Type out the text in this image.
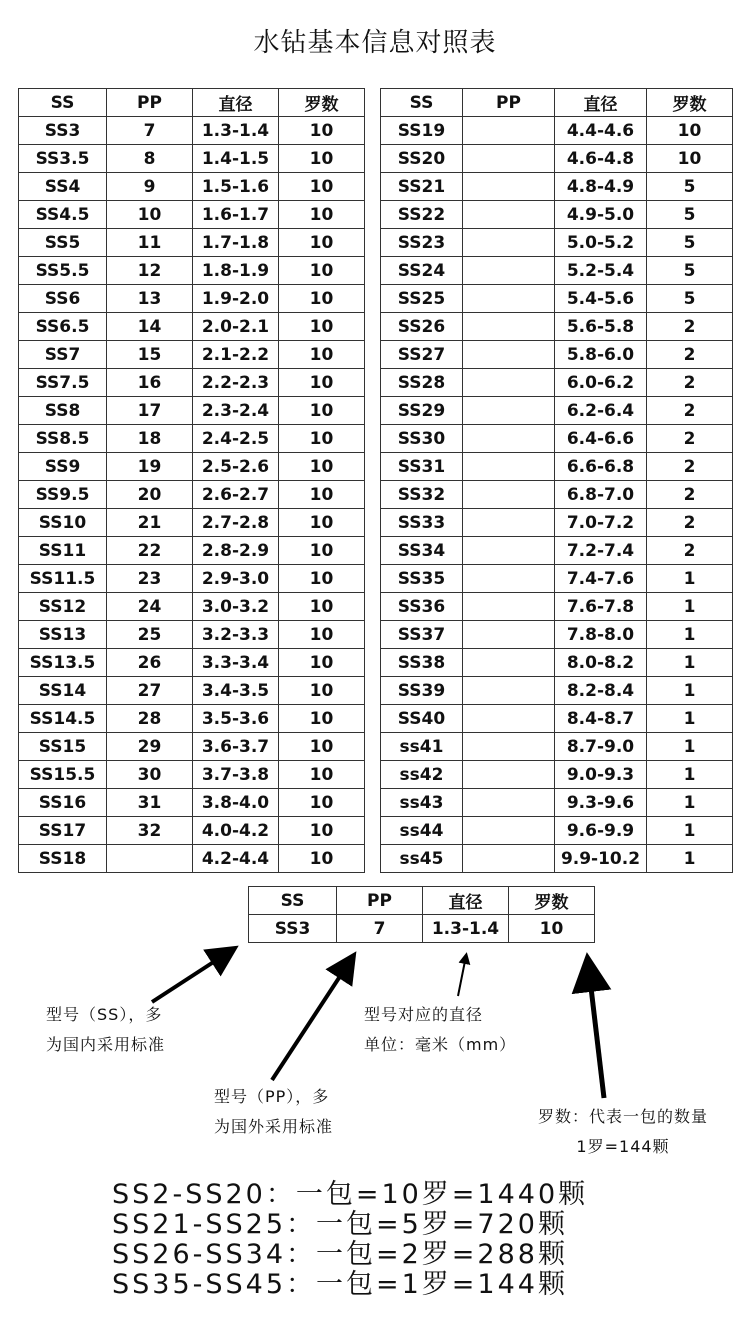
水钻基本信息对照表
SS	PP	直径	罗数
SS3	7	1.3-1.4	10
SS3.5	8	1.4-1.5	10
SS4	9	1.5-1.6	10
SS4.5	10	1.6-1.7	10
SS5	11	1.7-1.8	10
SS5.5	12	1.8-1.9	10
SS6	13	1.9-2.0	10
SS6.5	14	2.0-2.1	10
SS7	15	2.1-2.2	10
SS7.5	16	2.2-2.3	10
SS8	17	2.3-2.4	10
SS8.5	18	2.4-2.5	10
SS9	19	2.5-2.6	10
SS9.5	20	2.6-2.7	10
SS10	21	2.7-2.8	10
SS11	22	2.8-2.9	10
SS11.5	23	2.9-3.0	10
SS12	24	3.0-3.2	10
SS13	25	3.2-3.3	10
SS13.5	26	3.3-3.4	10
SS14	27	3.4-3.5	10
SS14.5	28	3.5-3.6	10
SS15	29	3.6-3.7	10
SS15.5	30	3.7-3.8	10
SS16	31	3.8-4.0	10
SS17	32	4.0-4.2	10
SS18		4.2-4.4	10
SS	PP	直径	罗数
SS19		4.4-4.6	10
SS20		4.6-4.8	10
SS21		4.8-4.9	5
SS22		4.9-5.0	5
SS23		5.0-5.2	5
SS24		5.2-5.4	5
SS25		5.4-5.6	5
SS26		5.6-5.8	2
SS27		5.8-6.0	2
SS28		6.0-6.2	2
SS29		6.2-6.4	2
SS30		6.4-6.6	2
SS31		6.6-6.8	2
SS32		6.8-7.0	2
SS33		7.0-7.2	2
SS34		7.2-7.4	2
SS35		7.4-7.6	1
SS36		7.6-7.8	1
SS37		7.8-8.0	1
SS38		8.0-8.2	1
SS39		8.2-8.4	1
SS40		8.4-8.7	1
ss41		8.7-9.0	1
ss42		9.0-9.3	1
ss43		9.3-9.6	1
ss44		9.6-9.9	1
ss45		9.9-10.2	1
SS	PP	直径	罗数
SS3	7	1.3-1.4	10
型号（SS），多
为国内采用标准
型号对应的直径
单位：毫米（mm）
型号（PP），多
为国外采用标准
罗数：代表一包的数量
1罗=144颗
SS2-SS20：一包=10罗=1440颗
SS21-SS25：一包=5罗=720颗
SS26-SS34：一包=2罗=288颗
SS35-SS45：一包=1罗=144颗
